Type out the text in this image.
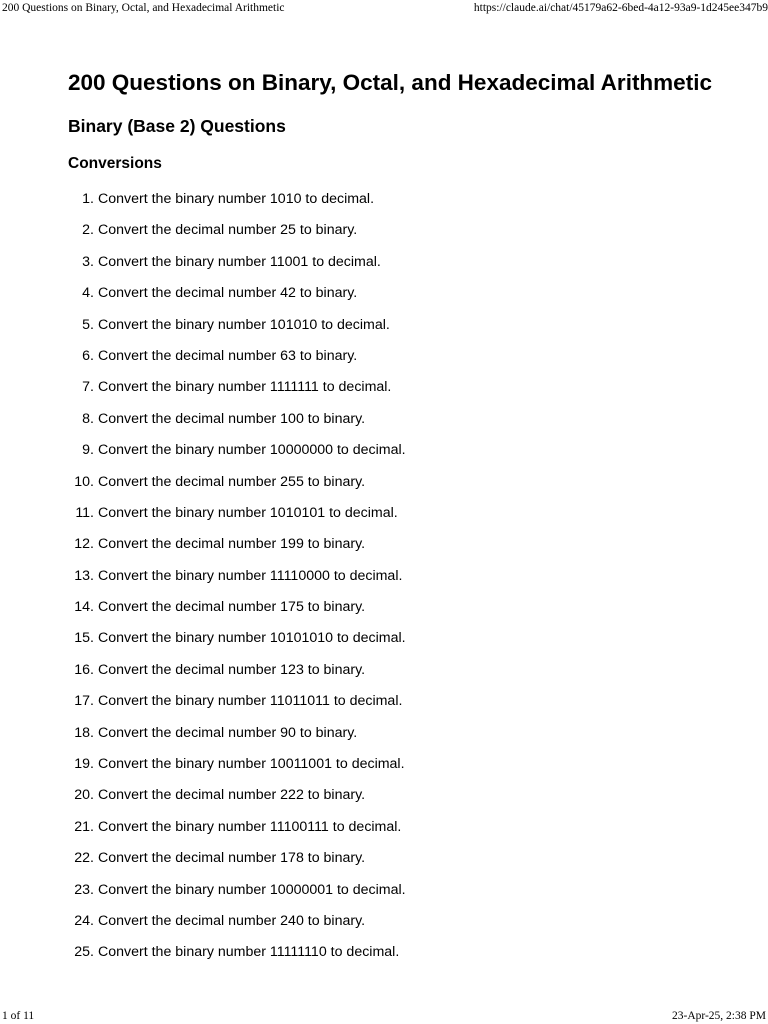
200 Questions on Binary, Octal, and Hexadecimal Arithmetic	https://claude.ai/chat/45179a62-6bed-4a12-93a9-1d245ee347b9
200 Questions on Binary, Octal, and Hexadecimal Arithmetic
Binary (Base 2) Questions
Conversions
1. Convert the binary number 1010 to decimal.
2. Convert the decimal number 25 to binary.
3. Convert the binary number 11001 to decimal.
4. Convert the decimal number 42 to binary.
5. Convert the binary number 101010 to decimal.
6. Convert the decimal number 63 to binary.
7. Convert the binary number 1111111 to decimal.
8. Convert the decimal number 100 to binary.
9. Convert the binary number 10000000 to decimal.
10. Convert the decimal number 255 to binary.
11. Convert the binary number 1010101 to decimal.
12. Convert the decimal number 199 to binary.
13. Convert the binary number 11110000 to decimal.
14. Convert the decimal number 175 to binary.
15. Convert the binary number 10101010 to decimal.
16. Convert the decimal number 123 to binary.
17. Convert the binary number 11011011 to decimal.
18. Convert the decimal number 90 to binary.
19. Convert the binary number 10011001 to decimal.
20. Convert the decimal number 222 to binary.
21. Convert the binary number 11100111 to decimal.
22. Convert the decimal number 178 to binary.
23. Convert the binary number 10000001 to decimal.
24. Convert the decimal number 240 to binary.
25. Convert the binary number 11111110 to decimal.
1 of 11	23-Apr-25, 2:38 PM
